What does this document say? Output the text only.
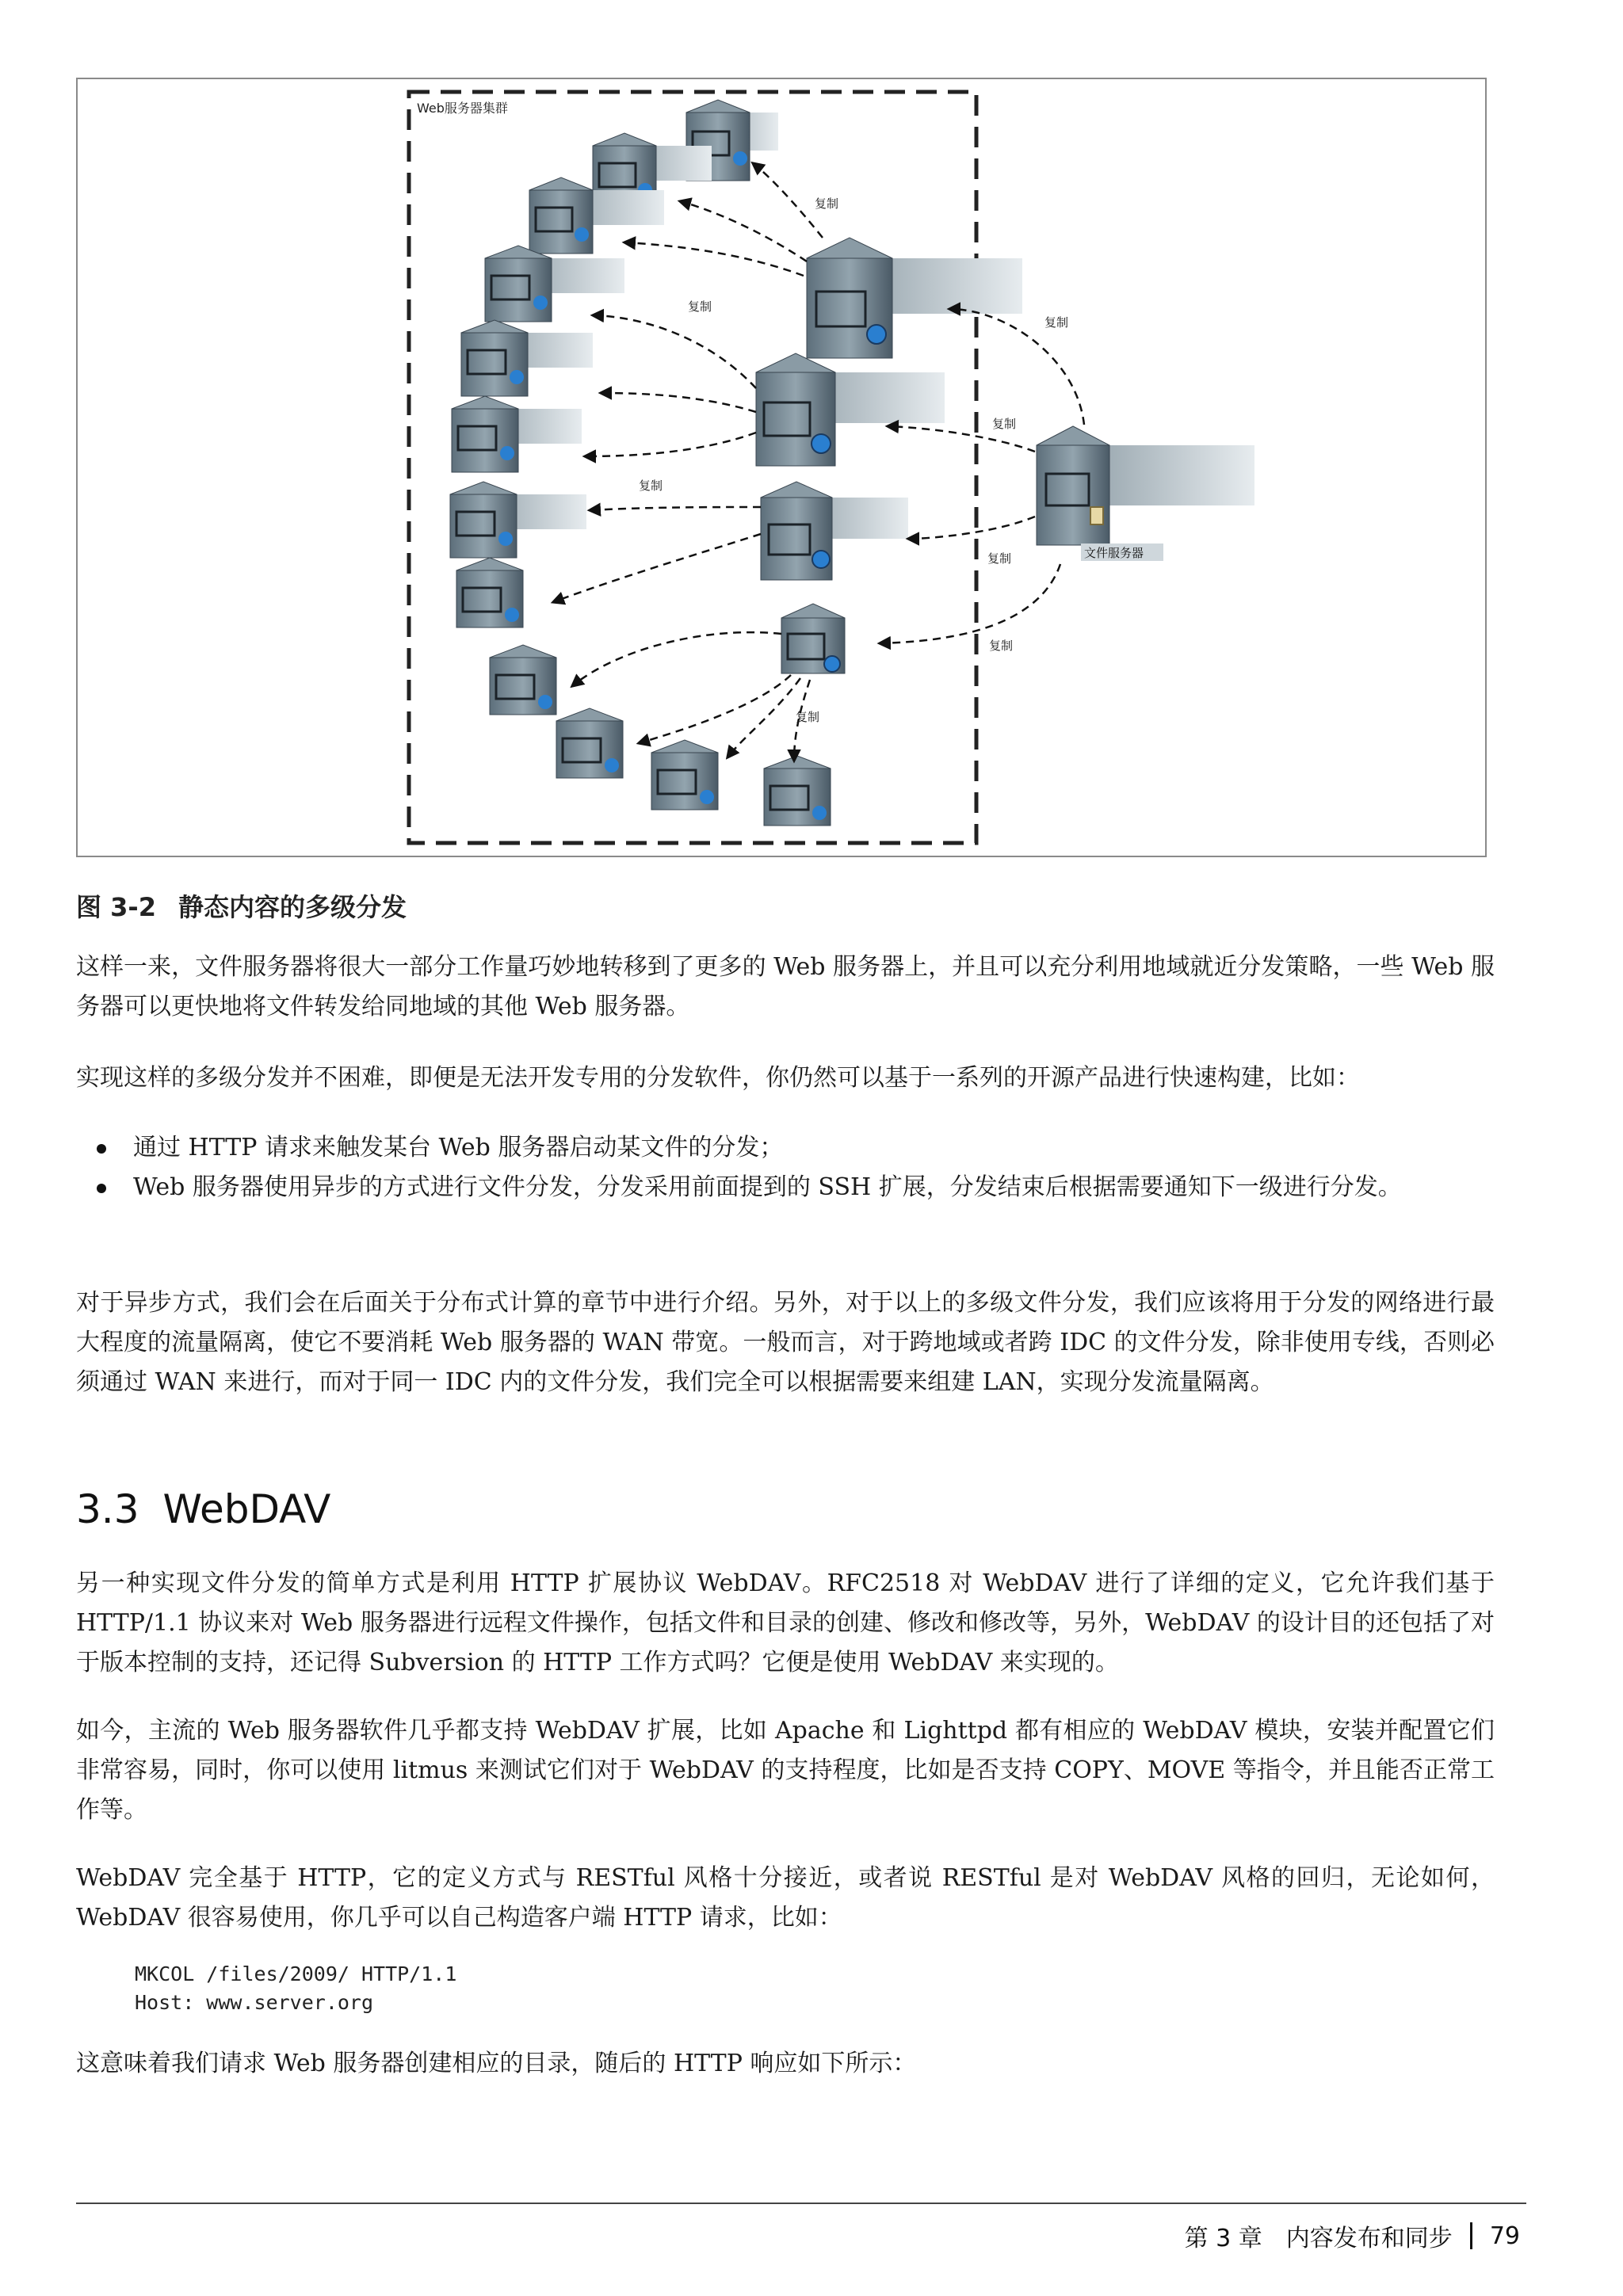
Web服务器集群
文件服务器
复制
复制
复制
复制
复制
复制
复制
复制
图 3-2 静态内容的多级分发

这样一来，文件服务器将很大一部分工作量巧妙地转移到了更多的 Web 服务器上，并且可以充分利用地域就近分发策略，一些 Web 服务器可以更快地将文件转发给同地域的其他 Web 服务器。

实现这样的多级分发并不困难，即便是无法开发专用的分发软件，你仍然可以基于一系列的开源产品进行快速构建，比如：

通过 HTTP 请求来触发某台 Web 服务器启动某文件的分发；
Web 服务器使用异步的方式进行文件分发，分发采用前面提到的 SSH 扩展，分发结束后根据需要通知下一级进行分发。

对于异步方式，我们会在后面关于分布式计算的章节中进行介绍。另外，对于以上的多级文件分发，我们应该将用于分发的网络进行最大程度的流量隔离，使它不要消耗 Web 服务器的 WAN 带宽。一般而言，对于跨地域或者跨 IDC 的文件分发，除非使用专线，否则必须通过 WAN 来进行，而对于同一 IDC 内的文件分发，我们完全可以根据需要来组建 LAN，实现分发流量隔离。

3.3 WebDAV

另一种实现文件分发的简单方式是利用 HTTP 扩展协议 WebDAV。RFC2518 对 WebDAV 进行了详细的定义，它允许我们基于 HTTP/1.1 协议来对 Web 服务器进行远程文件操作，包括文件和目录的创建、修改和修改等，另外，WebDAV 的设计目的还包括了对于版本控制的支持，还记得 Subversion 的 HTTP 工作方式吗？它便是使用 WebDAV 来实现的。

如今，主流的 Web 服务器软件几乎都支持 WebDAV 扩展，比如 Apache 和 Lighttpd 都有相应的 WebDAV 模块，安装并配置它们非常容易，同时，你可以使用 litmus 来测试它们对于 WebDAV 的支持程度，比如是否支持 COPY、MOVE 等指令，并且能否正常工作等。

WebDAV 完全基于 HTTP，它的定义方式与 RESTful 风格十分接近，或者说 RESTful 是对 WebDAV 风格的回归，无论如何，WebDAV 很容易使用，你几乎可以自己构造客户端 HTTP 请求，比如：

MKCOL /files/2009/ HTTP/1.1
Host: www.server.org

这意味着我们请求 Web 服务器创建相应的目录，随后的 HTTP 响应如下所示：

第 3 章　内容发布和同步 79
